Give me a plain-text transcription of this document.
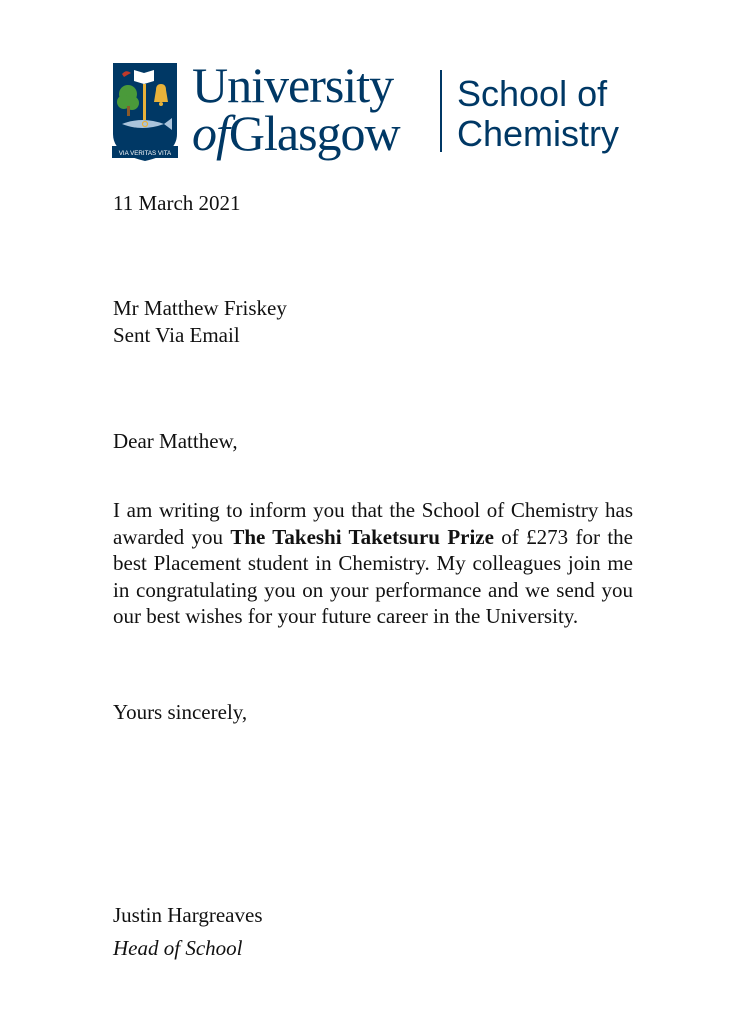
VIA VERITAS VITA
University
ofGlasgow
School of
Chemistry
11 March 2021
Mr Matthew Friskey
Sent Via Email
Dear Matthew,
I am writing to inform you that the School of Chemistry has awarded you The Takeshi Taketsuru Prize of £273 for the best Placement student in Chemistry. My colleagues join me in congratulating you on your performance and we send you our best wishes for your future career in the University.
Yours sincerely,
Justin Hargreaves
Head of School
